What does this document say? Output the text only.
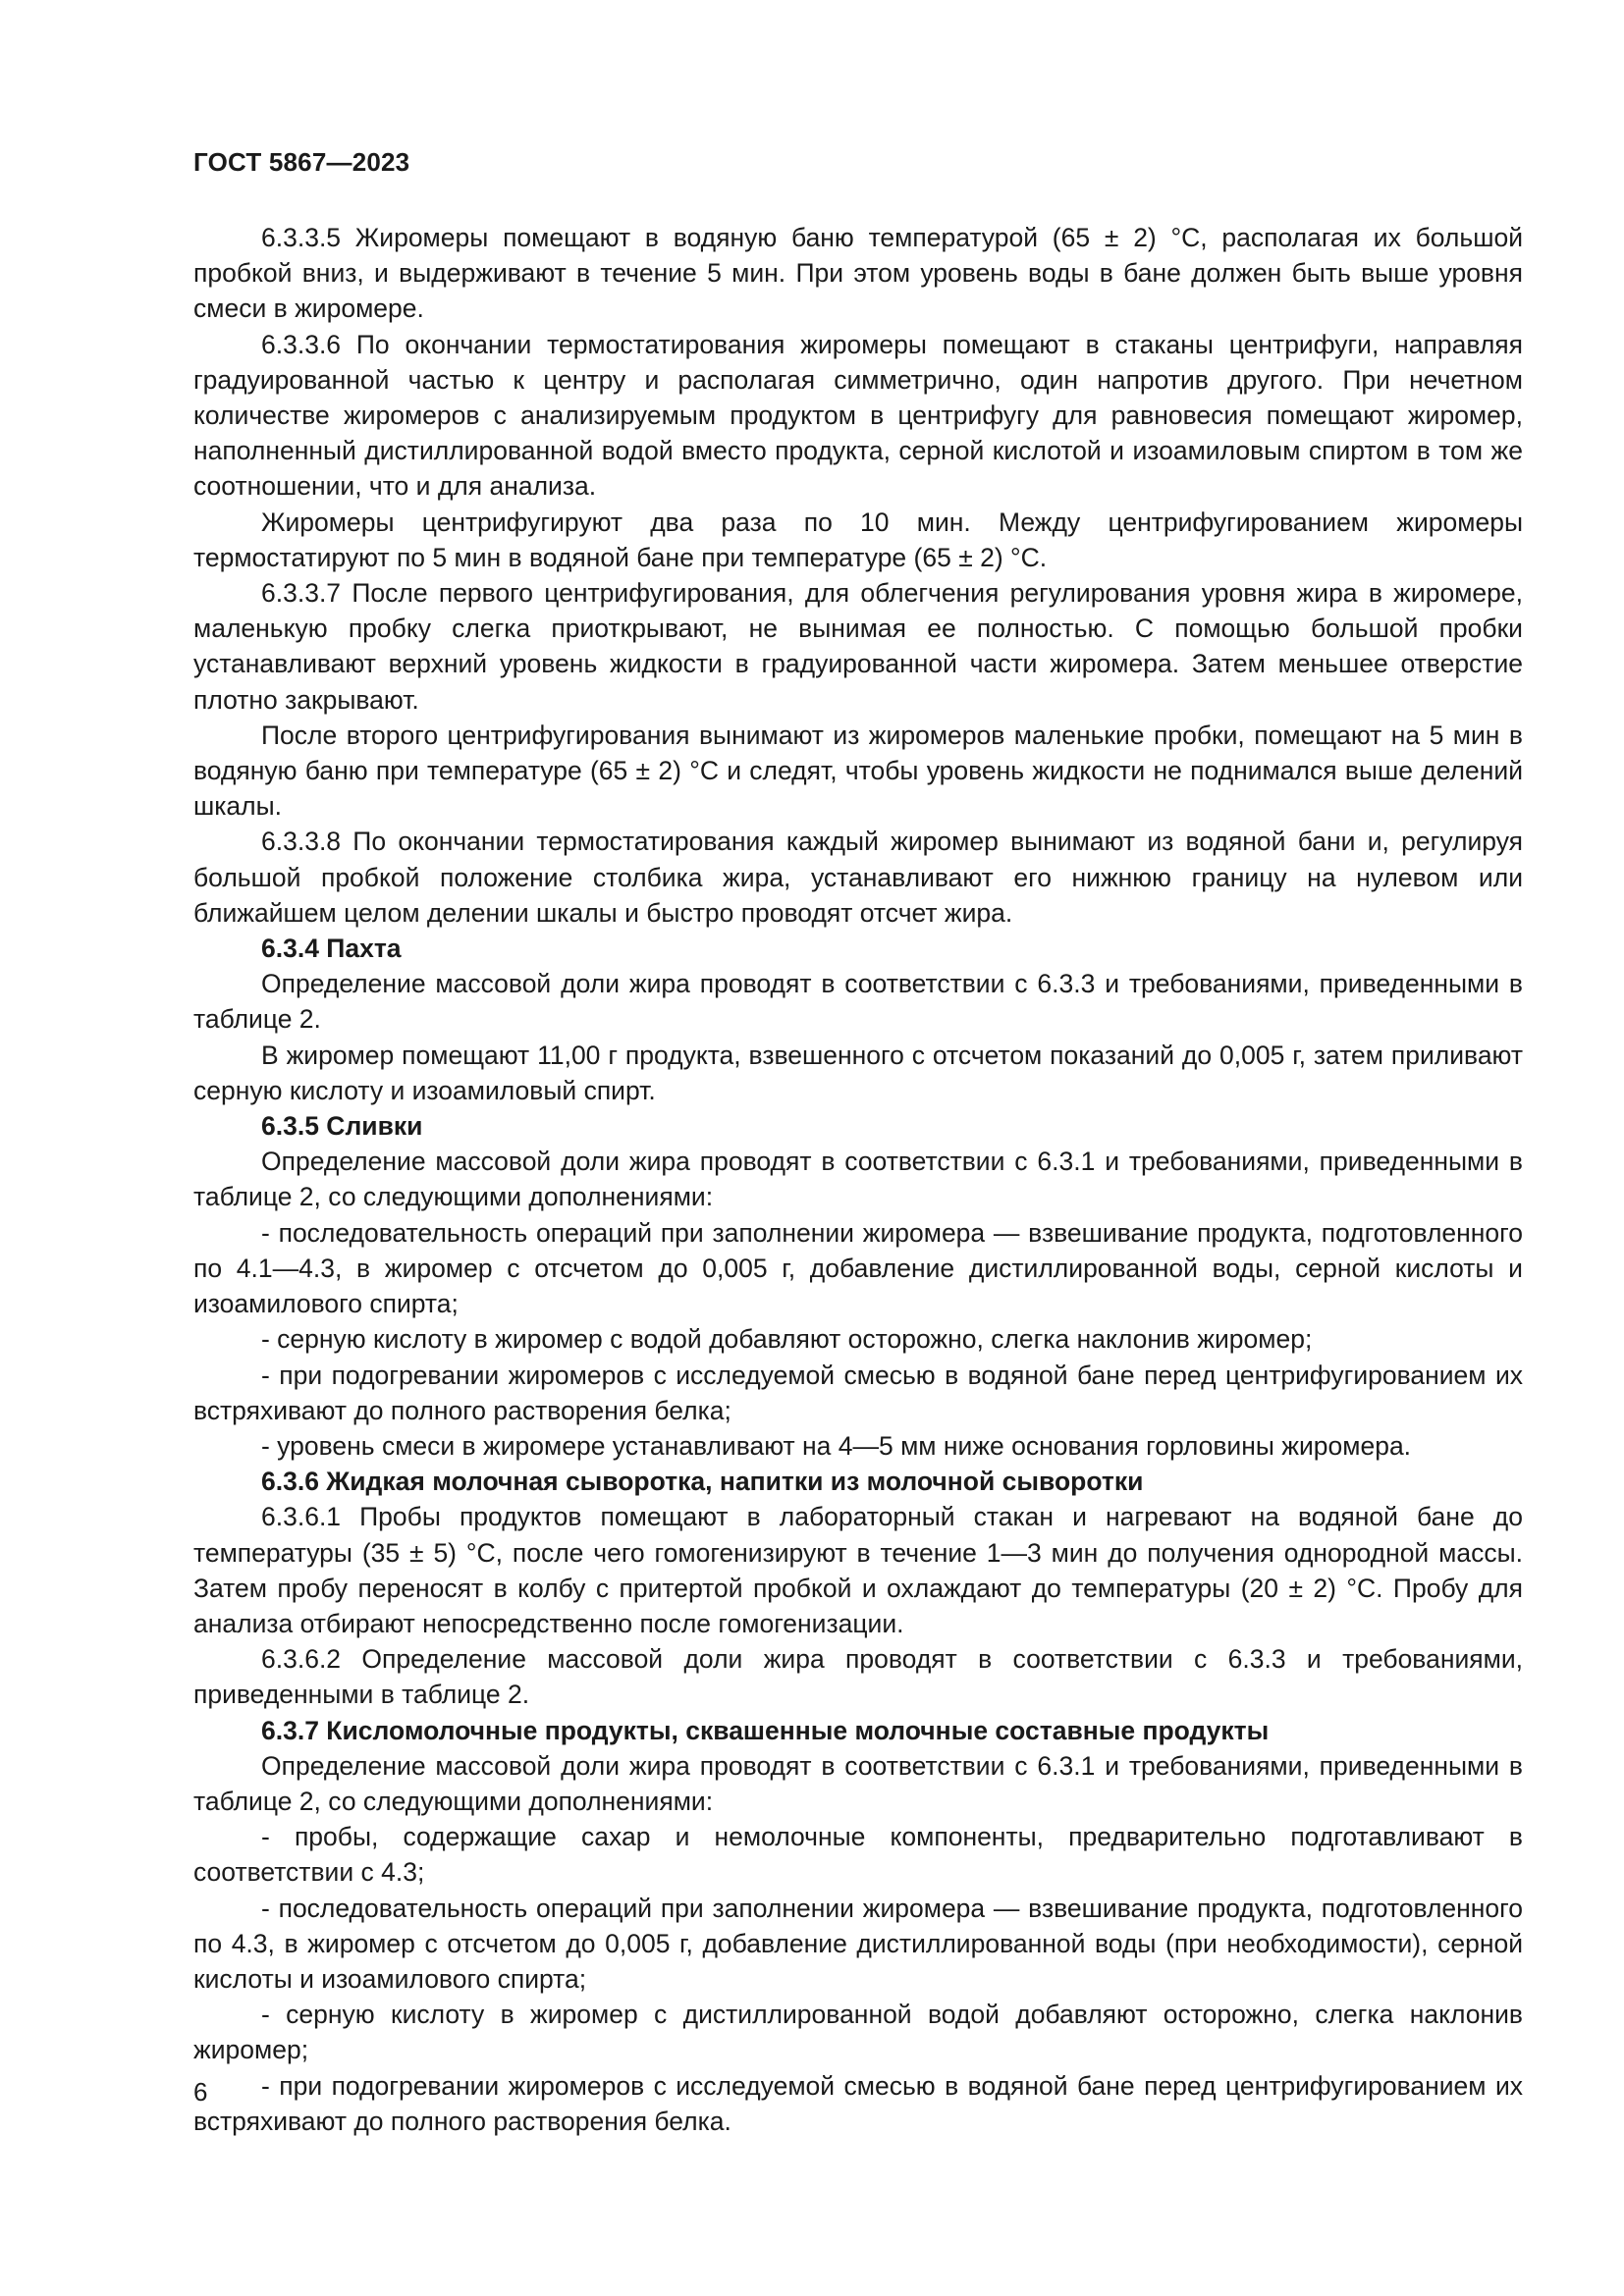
ГОСТ 5867—2023

6.3.3.5 Жиромеры помещают в водяную баню температурой (65 ± 2) °С, располагая их большой пробкой вниз, и выдерживают в течение 5 мин. При этом уровень воды в бане должен быть выше уровня смеси в жиромере.

6.3.3.6 По окончании термостатирования жиромеры помещают в стаканы центрифуги, направляя градуированной частью к центру и располагая симметрично, один напротив другого. При нечетном количестве жиромеров с анализируемым продуктом в центрифугу для равновесия помещают жиромер, наполненный дистиллированной водой вместо продукта, серной кислотой и изоамиловым спиртом в том же соотношении, что и для анализа.

Жиромеры центрифугируют два раза по 10 мин. Между центрифугированием жиромеры термостатируют по 5 мин в водяной бане при температуре (65 ± 2) °С.

6.3.3.7 После первого центрифугирования, для облегчения регулирования уровня жира в жиромере, маленькую пробку слегка приоткрывают, не вынимая ее полностью. С помощью большой пробки устанавливают верхний уровень жидкости в градуированной части жиромера. Затем меньшее отверстие плотно закрывают.

После второго центрифугирования вынимают из жиромеров маленькие пробки, помещают на 5 мин в водяную баню при температуре (65 ± 2) °С и следят, чтобы уровень жидкости не поднимался выше делений шкалы.

6.3.3.8 По окончании термостатирования каждый жиромер вынимают из водяной бани и, регулируя большой пробкой положение столбика жира, устанавливают его нижнюю границу на нулевом или ближайшем целом делении шкалы и быстро проводят отсчет жира.

6.3.4 Пахта

Определение массовой доли жира проводят в соответствии с 6.3.3 и требованиями, приведенными в таблице 2.

В жиромер помещают 11,00 г продукта, взвешенного с отсчетом показаний до 0,005 г, затем приливают серную кислоту и изоамиловый спирт.

6.3.5 Сливки

Определение массовой доли жира проводят в соответствии с 6.3.1 и требованиями, приведенными в таблице 2, со следующими дополнениями:

- последовательность операций при заполнении жиромера — взвешивание продукта, подготовленного по 4.1—4.3, в жиромер с отсчетом до 0,005 г, добавление дистиллированной воды, серной кислоты и изоамилового спирта;

- серную кислоту в жиромер с водой добавляют осторожно, слегка наклонив жиромер;

- при подогревании жиромеров с исследуемой смесью в водяной бане перед центрифугированием их встряхивают до полного растворения белка;

- уровень смеси в жиромере устанавливают на 4—5 мм ниже основания горловины жиромера.

6.3.6 Жидкая молочная сыворотка, напитки из молочной сыворотки

6.3.6.1 Пробы продуктов помещают в лабораторный стакан и нагревают на водяной бане до температуры (35 ± 5) °С, после чего гомогенизируют в течение 1—3 мин до получения однородной массы. Затем пробу переносят в колбу с притертой пробкой и охлаждают до температуры (20 ± 2) °С. Пробу для анализа отбирают непосредственно после гомогенизации.

6.3.6.2 Определение массовой доли жира проводят в соответствии с 6.3.3 и требованиями, приведенными в таблице 2.

6.3.7 Кисломолочные продукты, сквашенные молочные составные продукты

Определение массовой доли жира проводят в соответствии с 6.3.1 и требованиями, приведенными в таблице 2, со следующими дополнениями:

- пробы, содержащие сахар и немолочные компоненты, предварительно подготавливают в соответствии с 4.3;

- последовательность операций при заполнении жиромера — взвешивание продукта, подготовленного по 4.3, в жиромер с отсчетом до 0,005 г, добавление дистиллированной воды (при необходимости), серной кислоты и изоамилового спирта;

- серную кислоту в жиромер с дистиллированной водой добавляют осторожно, слегка наклонив жиромер;

- при подогревании жиромеров с исследуемой смесью в водяной бане перед центрифугированием их встряхивают до полного растворения белка.

6
